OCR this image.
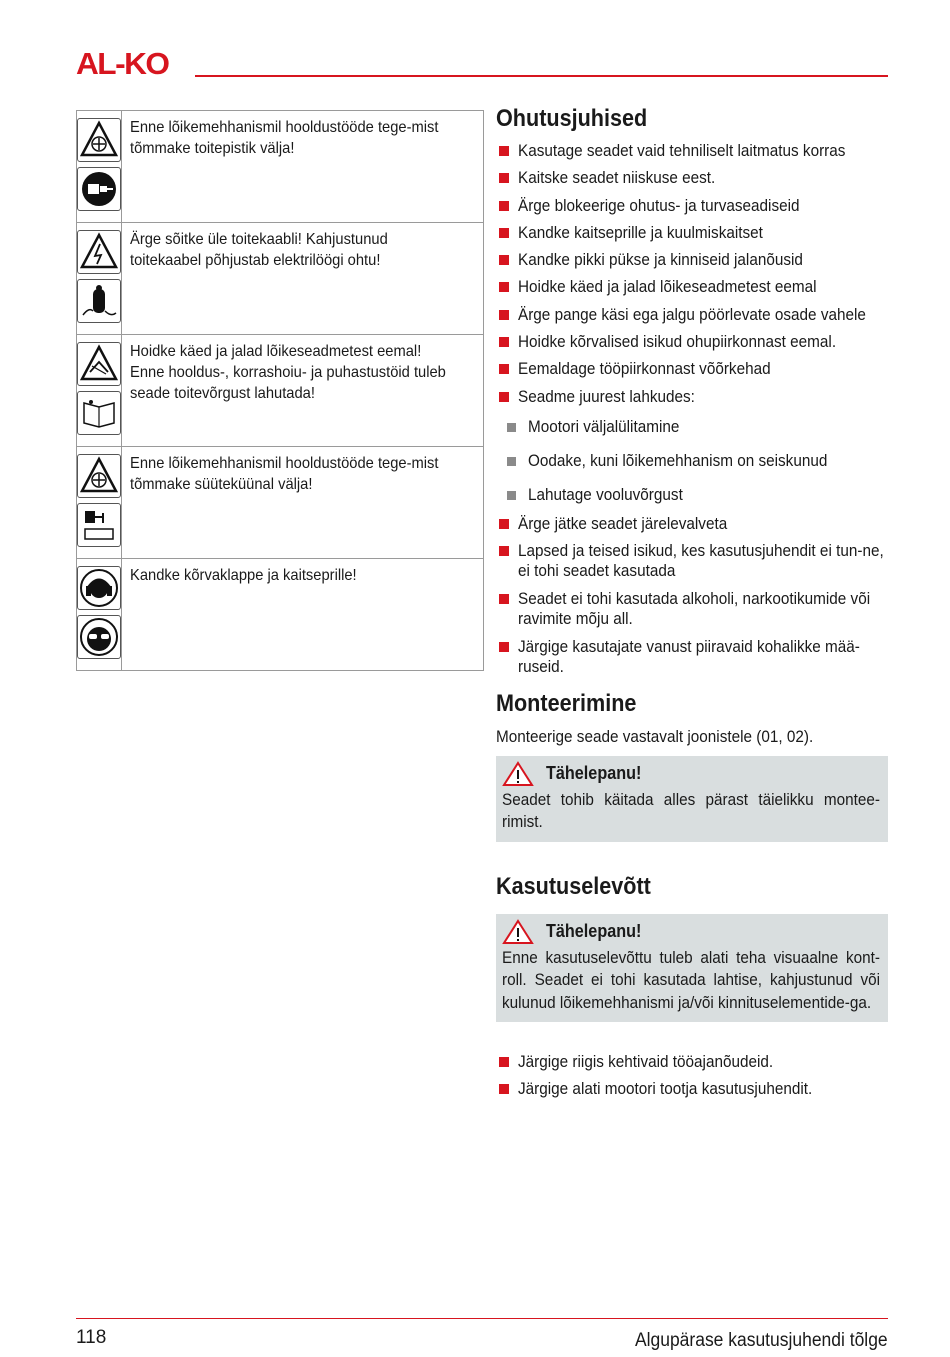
AL-KO

Enne lõikemehhanismil hooldustööde tege-mist tõmmake toitepistik välja!

Ärge sõitke üle toitekaabli! Kahjustunud toitekaabel põhjustab elektrilöögi ohtu!

Hoidke käed ja jalad lõikeseadmetest eemal! Enne hooldus-, korrashoiu- ja puhastustöid tuleb seade toitevõrgust lahutada!

Enne lõikemehhanismil hooldustööde tege-mist tõmmake süüteküünal välja!

Kandke kõrvaklappe ja kaitseprille!
Ohutusjuhised
Kasutage seadet vaid tehniliselt laitmatus korras
Kaitske seadet niiskuse eest.
Ärge blokeerige ohutus- ja turvaseadiseid
Kandke kaitseprille ja kuulmiskaitset
Kandke pikki pükse ja kinniseid jalanõusid
Hoidke käed ja jalad lõikeseadmetest eemal
Ärge pange käsi ega jalgu pöörlevate osade vahele
Hoidke kõrvalised isikud ohupiirkonnast eemal.
Eemaldage tööpiirkonnast võõrkehad
Seadme juurest lahkudes:
Mootori väljalülitamine
Oodake, kuni lõikemehhanism on seiskunud
Lahutage vooluvõrgust
Ärge jätke seadet järelevalveta
Lapsed ja teised isikud, kes kasutusjuhendit ei tun-ne, ei tohi seadet kasutada
Seadet ei tohi kasutada alkoholi, narkootikumide või ravimite mõju all.
Järgige kasutajate vanust piiravaid kohalikke mää-ruseid.
Monteerimine
Monteerige seade vastavalt joonistele (01, 02).
Tähelepanu!
Seadet tohib käitada alles pärast täielikku montee-rimist.
Kasutuselevõtt
Tähelepanu!
Enne kasutuselevõttu tuleb alati teha visuaalne kont-roll. Seadet ei tohi kasutada lahtise, kahjustunud või kulunud lõikemehhanismi ja/või kinnituselementide-ga.
Järgige riigis kehtivaid tööajanõudeid.
Järgige alati mootori tootja kasutusjuhendit.
118	Algupärase kasutusjuhendi tõlge
